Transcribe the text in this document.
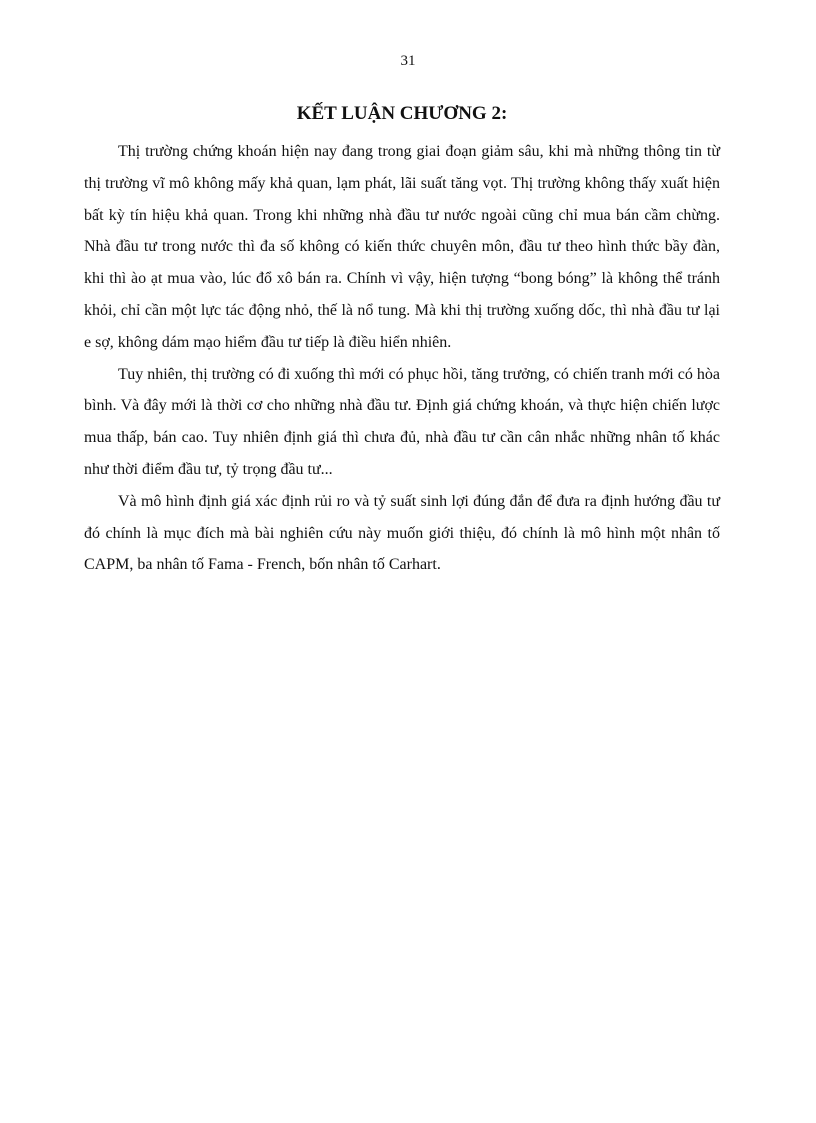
31
KẾT LUẬN CHƯƠNG 2:

Thị trường chứng khoán hiện nay đang trong giai đoạn giảm sâu, khi mà những thông tin từ thị trường vĩ mô không mấy khả quan, lạm phát, lãi suất tăng vọt. Thị trường không thấy xuất hiện bất kỳ tín hiệu khả quan. Trong khi những nhà đầu tư nước ngoài cũng chỉ mua bán cầm chừng. Nhà đầu tư trong nước thì đa số không có kiến thức chuyên môn, đầu tư theo hình thức bầy đàn, khi thì ào ạt mua vào, lúc đổ xô bán ra. Chính vì vậy, hiện tượng “bong bóng” là không thể tránh khỏi, chỉ cần một lực tác động nhỏ, thế là nổ tung. Mà khi thị trường xuống dốc, thì nhà đầu tư lại e sợ, không dám mạo hiểm đầu tư tiếp là điều hiển nhiên.

Tuy nhiên, thị trường có đi xuống thì mới có phục hồi, tăng trưởng, có chiến tranh mới có hòa bình. Và đây mới là thời cơ cho những nhà đầu tư. Định giá chứng khoán, và thực hiện chiến lược mua thấp, bán cao. Tuy nhiên định giá thì chưa đủ, nhà đầu tư cần cân nhắc những nhân tố khác như thời điểm đầu tư, tỷ trọng đầu tư...

Và mô hình định giá xác định rủi ro và tỷ suất sinh lợi đúng đắn để đưa ra định hướng đầu tư đó chính là mục đích mà bài nghiên cứu này muốn giới thiệu, đó chính là mô hình một nhân tố CAPM, ba nhân tố Fama - French, bốn nhân tố Carhart.
